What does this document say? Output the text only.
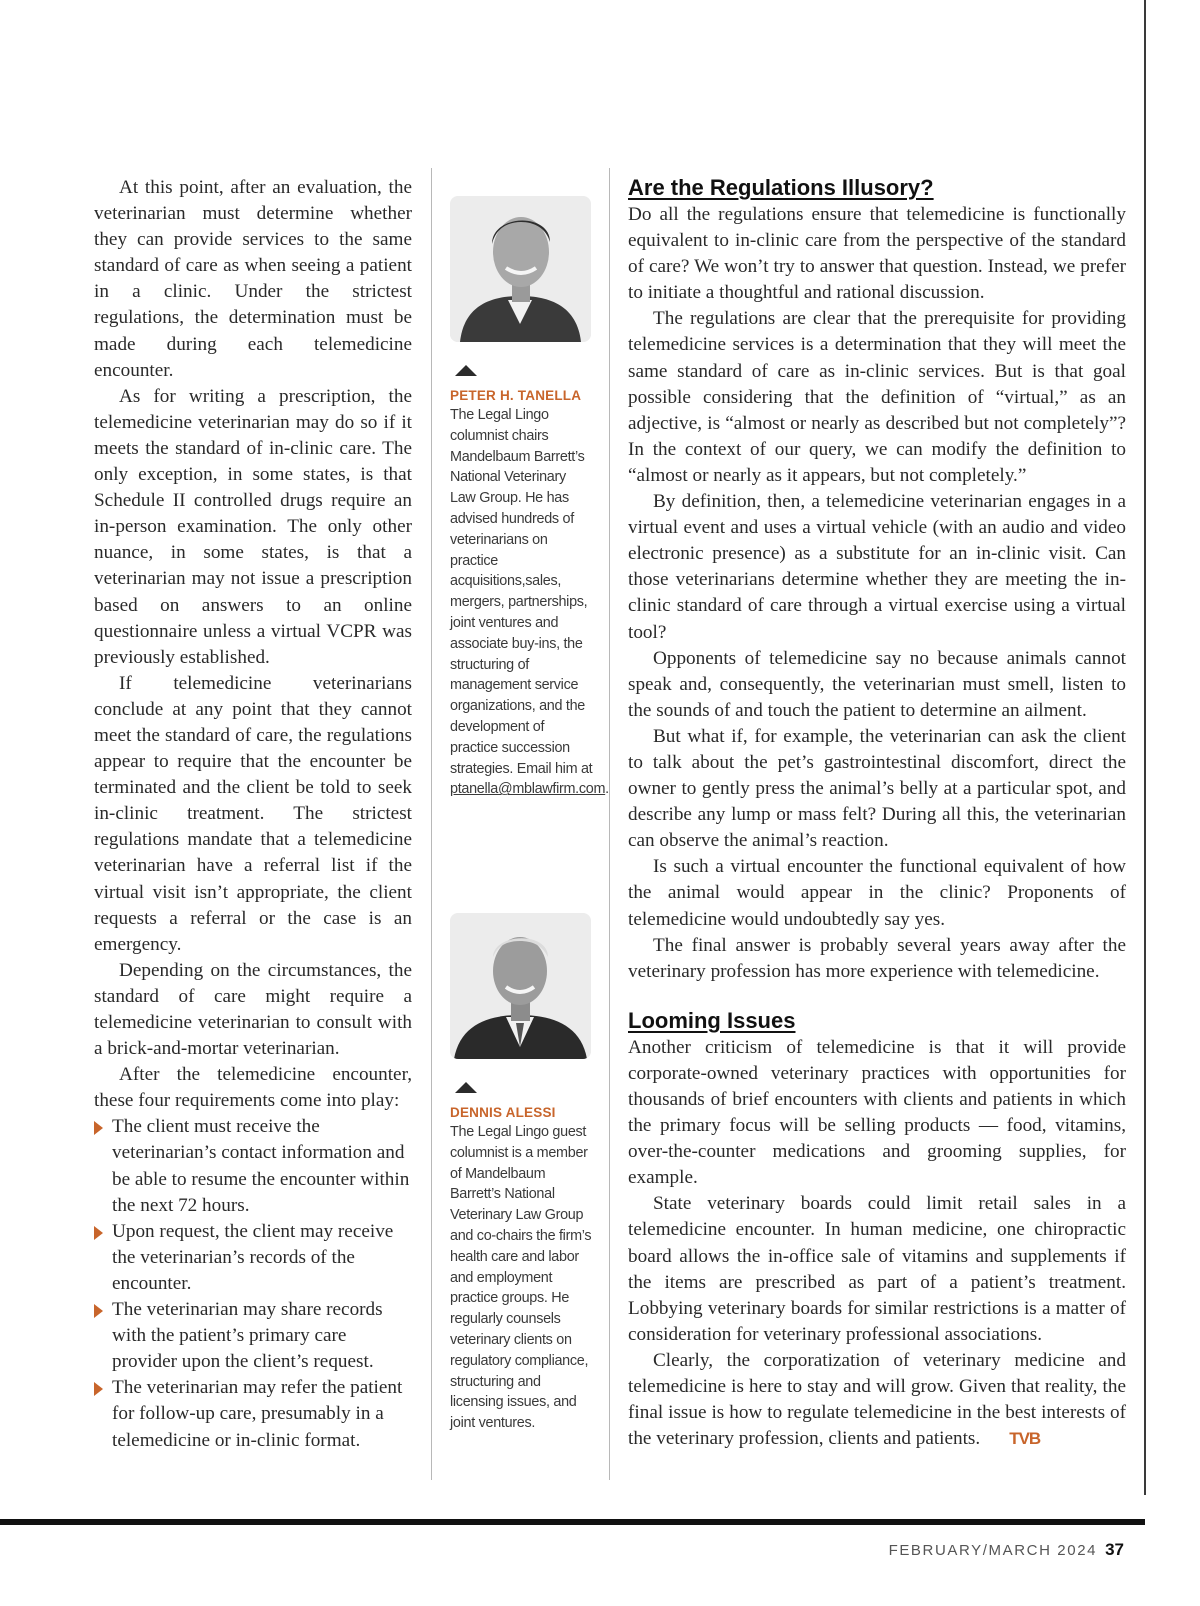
At this point, after an evaluation, the veterinarian must determine whether they can provide services to the same standard of care as when seeing a patient in a clinic. Under the strictest regulations, the determination must be made during each telemedicine encounter.

As for writing a prescription, the telemedicine veterinarian may do so if it meets the standard of in-clinic care. The only exception, in some states, is that Schedule II controlled drugs require an in-person examination. The only other nuance, in some states, is that a veterinarian may not issue a prescription based on answers to an online questionnaire unless a virtual VCPR was previously established.

If telemedicine veterinarians conclude at any point that they cannot meet the standard of care, the regulations appear to require that the encounter be terminated and the client be told to seek in-clinic treatment. The strictest regulations mandate that a telemedicine veterinarian have a referral list if the virtual visit isn’t appropriate, the client requests a referral or the case is an emergency.

Depending on the circumstances, the standard of care might require a telemedicine veterinarian to consult with a brick-and-mortar veterinarian.

After the telemedicine encounter, these four requirements come into play:

The client must receive the veterinarian’s contact information and be able to resume the encounter within the next 72 hours.
Upon request, the client may receive the veterinarian’s records of the encounter.
The veterinarian may share records with the patient’s primary care provider upon the client’s request.
The veterinarian may refer the patient for follow-up care, presumably in a telemedicine or in-clinic format.
PETER H. TANELLA
The Legal Lingo columnist chairs Mandelbaum Barrett’s National Veterinary Law Group. He has advised hundreds of veterinarians on practice acquisitions,sales, mergers, partnerships, joint ventures and associate buy-ins, the structuring of management service organizations, and the development of practice succession strategies. Email him at ptanella@mblawfirm.com.
DENNIS ALESSI
The Legal Lingo guest columnist is a member of Mandelbaum Barrett’s National Veterinary Law Group and co-chairs the firm’s health care and labor and employment practice groups. He regularly counsels veterinary clients on regulatory compliance, structuring and licensing issues, and joint ventures.
Are the Regulations Illusory?

Do all the regulations ensure that telemedicine is functionally equivalent to in-clinic care from the perspective of the standard of care? We won’t try to answer that question. Instead, we prefer to initiate a thoughtful and rational discussion.

The regulations are clear that the prerequisite for providing telemedicine services is a determination that they will meet the same standard of care as in-clinic services. But is that goal possible considering that the definition of “virtual,” as an adjective, is “almost or nearly as described but not completely”? In the context of our query, we can modify the definition to “almost or nearly as it appears, but not completely.”

By definition, then, a telemedicine veterinarian engages in a virtual event and uses a virtual vehicle (with an audio and video electronic presence) as a substitute for an in-clinic visit. Can those veterinarians determine whether they are meeting the in-clinic standard of care through a virtual exercise using a virtual tool?

Opponents of telemedicine say no because animals cannot speak and, consequently, the veterinarian must smell, listen to the sounds of and touch the patient to determine an ailment.

But what if, for example, the veterinarian can ask the client to talk about the pet’s gastrointestinal discomfort, direct the owner to gently press the animal’s belly at a particular spot, and describe any lump or mass felt? During all this, the veterinarian can observe the animal’s reaction.

Is such a virtual encounter the functional equivalent of how the animal would appear in the clinic? Proponents of telemedicine would undoubtedly say yes.

The final answer is probably several years away after the veterinary profession has more experience with telemedicine.

Looming Issues

Another criticism of telemedicine is that it will provide corporate-owned veterinary practices with opportunities for thousands of brief encounters with clients and patients in which the primary focus will be selling products — food, vitamins, over-the-counter medications and grooming supplies, for example.

State veterinary boards could limit retail sales in a telemedicine encounter. In human medicine, one chiropractic board allows the in-office sale of vitamins and supplements if the items are prescribed as part of a patient’s treatment. Lobbying veterinary boards for similar restrictions is a matter of consideration for veterinary professional associations.

Clearly, the corporatization of veterinary medicine and telemedicine is here to stay and will grow. Given that reality, the final issue is how to regulate telemedicine in the best interests of the veterinary profession, clients and patients. TVB

FEBRUARY/MARCH 2024 37
